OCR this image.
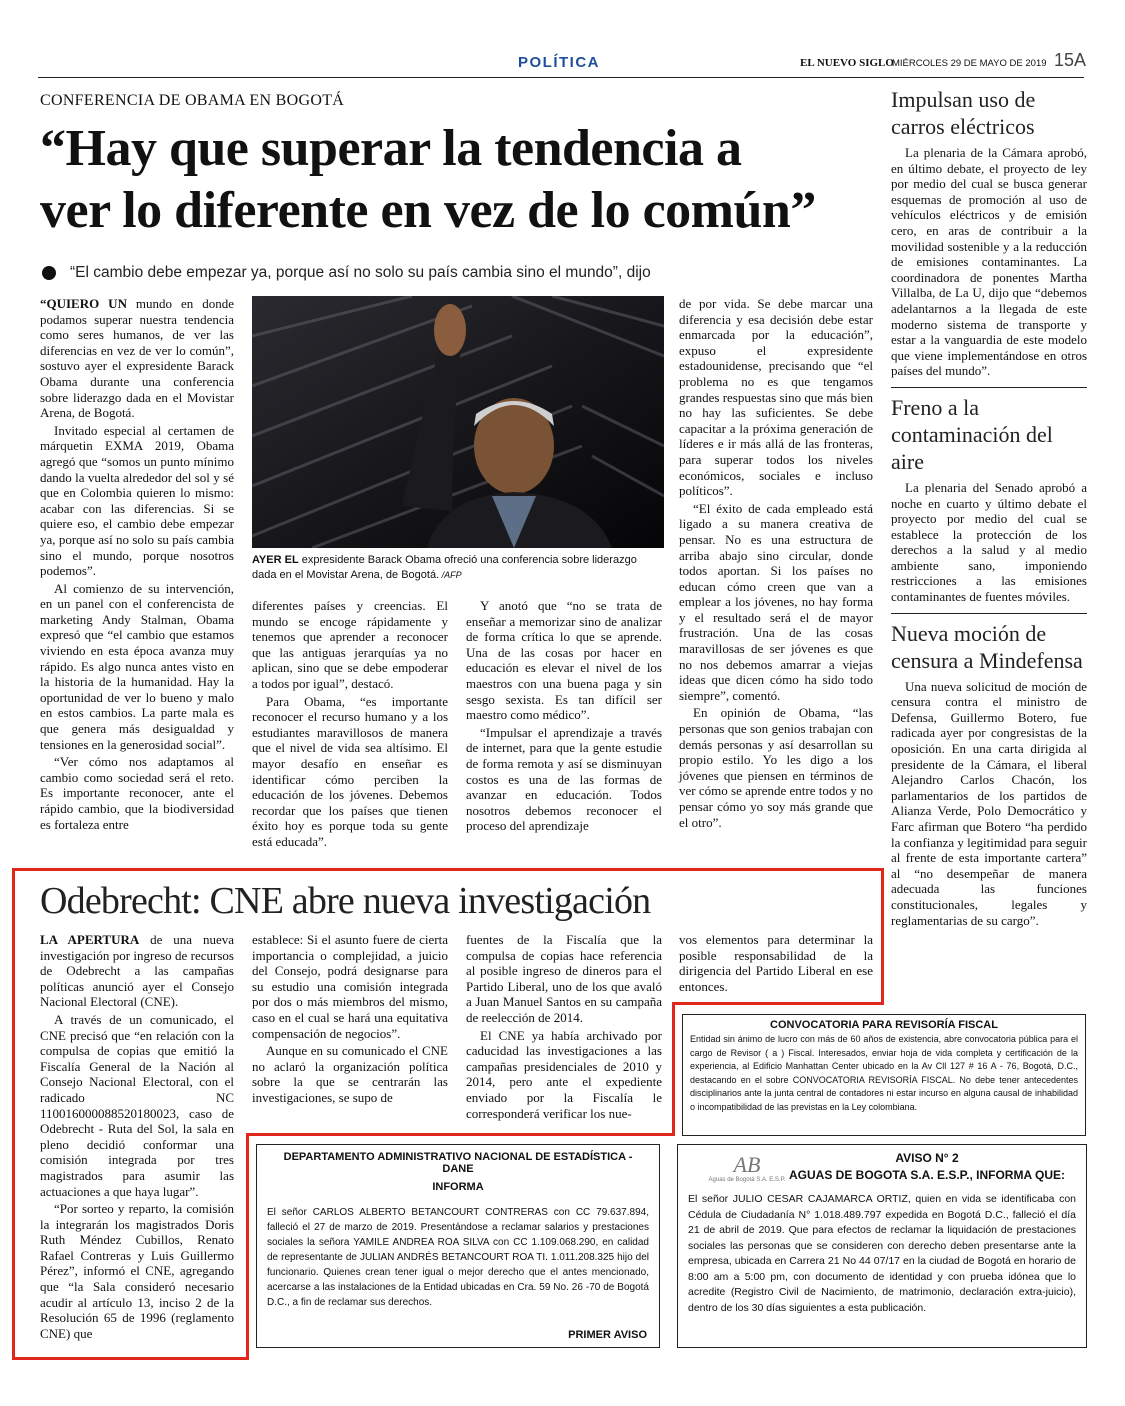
POLÍTICA	EL NUEVO SIGLO
MIÉRCOLES 29 DE MAYO DE 2019 15A
CONFERENCIA DE OBAMA EN BOGOTÁ
“Hay que superar la tendencia a
ver lo diferente en vez de lo común”
“El cambio debe empezar ya, porque así no solo su país cambia sino el mundo”, dijo

“QUIERO UN mundo en donde podamos superar nuestra tendencia como seres humanos, de ver las diferencias en vez de ver lo común”, sostuvo ayer el expresidente Barack Obama durante una conferencia sobre liderazgo dada en el Movistar Arena, de Bogotá.

Invitado especial al certamen de márquetin EXMA 2019, Obama agregó que “somos un punto mínimo dando la vuelta alrededor del sol y sé que en Colombia quieren lo mismo: acabar con las diferencias. Si se quiere eso, el cambio debe empezar ya, porque así no solo su país cambia sino el mundo, porque nosotros podemos”.

Al comienzo de su intervención, en un panel con el conferencista de marketing Andy Stalman, Obama expresó que “el cambio que estamos viviendo en esta época avanza muy rápido. Es algo nunca antes visto en la historia de la humanidad. Hay la oportunidad de ver lo bueno y malo en estos cambios. La parte mala es que genera más desigualdad y tensiones en la generosidad social”.

“Ver cómo nos adaptamos al cambio como sociedad será el reto. Es importante reconocer, ante el rápido cambio, que la biodiversidad es fortaleza entre

AYER EL expresidente Barack Obama ofreció una conferencia sobre liderazgo dada en el Movistar Arena, de Bogotá. /AFP

diferentes países y creencias. El mundo se encoge rápidamente y tenemos que aprender a reconocer que las antiguas jerarquías ya no aplican, sino que se debe empoderar a todos por igual”, destacó.

Para Obama, “es importante reconocer el recurso humano y a los estudiantes maravillosos de manera que el nivel de vida sea altísimo. El mayor desafío en enseñar es identificar cómo perciben la educación de los jóvenes. Debemos recordar que los países que tienen éxito hoy es porque toda su gente está educada”.

Y anotó que “no se trata de enseñar a memorizar sino de analizar de forma crítica lo que se aprende. Una de las cosas por hacer en educación es elevar el nivel de los maestros con una buena paga y sin sesgo sexista. Es tan difícil ser maestro como médico”.

“Impulsar el aprendizaje a través de internet, para que la gente estudie de forma remota y así se disminuyan costos es una de las formas de avanzar en educación. Todos nosotros debemos reconocer el proceso del aprendizaje

de por vida. Se debe marcar una diferencia y esa decisión debe estar enmarcada por la educación”, expuso el expresidente estadounidense, precisando que “el problema no es que tengamos grandes respuestas sino que más bien no hay las suficientes. Se debe capacitar a la próxima generación de líderes e ir más allá de las fronteras, para superar todos los niveles económicos, sociales e incluso políticos”.

“El éxito de cada empleado está ligado a su manera creativa de pensar. No es una estructura de arriba abajo sino circular, donde todos aportan. Si los países no educan cómo creen que van a emplear a los jóvenes, no hay forma y el resultado será el de mayor frustración. Una de las cosas maravillosas de ser jóvenes es que no nos debemos amarrar a viejas ideas que dicen cómo ha sido todo siempre”, comentó.

En opinión de Obama, “las personas que son genios trabajan con demás personas y así desarrollan su propio estilo. Yo les digo a los jóvenes que piensen en términos de ver cómo se aprende entre todos y no pensar cómo yo soy más grande que el otro”.

Impulsan uso de carros eléctricos
La plenaria de la Cámara aprobó, en último debate, el proyecto de ley por medio del cual se busca generar esquemas de promoción al uso de vehículos eléctricos y de emisión cero, en aras de contribuir a la movilidad sostenible y a la reducción de emisiones contaminantes. La coordinadora de ponentes Martha Villalba, de La U, dijo que “debemos adelantarnos a la llegada de este moderno sistema de transporte y estar a la vanguardia de este modelo que viene implementándose en otros países del mundo”.
Freno a la contaminación del aire
La plenaria del Senado aprobó a noche en cuarto y último debate el proyecto por medio del cual se establece la protección de los derechos a la salud y al medio ambiente sano, imponiendo restricciones a las emisiones contaminantes de fuentes móviles.
Nueva moción de censura a Mindefensa
Una nueva solicitud de moción de censura contra el ministro de Defensa, Guillermo Botero, fue radicada ayer por congresistas de la oposición. En una carta dirigida al presidente de la Cámara, el liberal Alejandro Carlos Chacón, los parlamentarios de los partidos de Alianza Verde, Polo Democrático y Farc afirman que Botero “ha perdido la confianza y legitimidad para seguir al frente de esta importante cartera” al “no desempeñar de manera adecuada las funciones constitucionales, legales y reglamentarias de su cargo”.
Odebrecht: CNE abre nueva investigación

LA APERTURA de una nueva investigación por ingreso de recursos de Odebrecht a las campañas políticas anunció ayer el Consejo Nacional Electoral (CNE).

A través de un comunicado, el CNE precisó que “en relación con la compulsa de copias que emitió la Fiscalía General de la Nación al Consejo Nacional Electoral, con el radicado NC 110016000088520180023, caso de Odebrecht - Ruta del Sol, la sala en pleno decidió conformar una comisión integrada por tres magistrados para asumir las actuaciones a que haya lugar”.

“Por sorteo y reparto, la comisión la integrarán los magistrados Doris Ruth Méndez Cubillos, Renato Rafael Contreras y Luis Guillermo Pérez”, informó el CNE, agregando que “la Sala consideró necesario acudir al artículo 13, inciso 2 de la Resolución 65 de 1996 (reglamento CNE) que

establece: Si el asunto fuere de cierta importancia o complejidad, a juicio del Consejo, podrá designarse para su estudio una comisión integrada por dos o más miembros del mismo, caso en el cual se hará una equitativa compensación de negocios”.

Aunque en su comunicado el CNE no aclaró la organización política sobre la que se centrarán las investigaciones, se supo de

fuentes de la Fiscalía que la compulsa de copias hace referencia al posible ingreso de dineros para el Partido Liberal, uno de los que avaló a Juan Manuel Santos en su campaña de reelección de 2014.

El CNE ya había archivado por caducidad las investigaciones a las campañas presidenciales de 2010 y 2014, pero ante el expediente enviado por la Fiscalía le corresponderá verificar los nue-

vos elementos para determinar la posible responsabilidad de la dirigencia del Partido Liberal en ese entonces.

CONVOCATORIA PARA REVISORÍA FISCAL
Entidad sin ánimo de lucro con más de 60 años de existencia, abre convocatoria pública para el cargo de Revisor ( a ) Fiscal. Interesados, enviar hoja de vida completa y certificación de la experiencia, al Edificio Manhattan Center ubicado en la Av Cll 127 # 16 A - 76, Bogotá, D.C., destacando en el sobre CONVOCATORIA REVISORÍA FISCAL. No debe tener antecedentes disciplinarios ante la junta central de contadores ni estar incurso en alguna causal de inhabilidad o incompatibilidad de las previstas en la Ley colombiana.
DEPARTAMENTO ADMINISTRATIVO NACIONAL DE ESTADÍSTICA - DANE
INFORMA
El señor CARLOS ALBERTO BETANCOURT CONTRERAS con CC 79.637.894, falleció el 27 de marzo de 2019. Presentándose a reclamar salarios y prestaciones sociales la señora YAMILE ANDREA ROA SILVA con CC 1.109.068.290, en calidad de representante de JULIAN ANDRÉS BETANCOURT ROA TI. 1.011.208.325 hijo del funcionario. Quienes crean tener igual o mejor derecho que el antes mencionado, acercarse a las instalaciones de la Entidad ubicadas en Cra. 59 No. 26 -70 de Bogotá D.C., a fin de reclamar sus derechos.
PRIMER AVISO
AB
Aguas de Bogotá S.A. E.S.P.
AVISO N° 2
AGUAS DE BOGOTA S.A. E.S.P., INFORMA QUE:
El señor JULIO CESAR CAJAMARCA ORTIZ, quien en vida se identificaba con Cédula de Ciudadanía N° 1.018.489.797 expedida en Bogotá D.C., falleció el día 21 de abril de 2019. Que para efectos de reclamar la liquidación de prestaciones sociales las personas que se consideren con derecho deben presentarse ante la empresa, ubicada en Carrera 21 No 44 07/17 en la ciudad de Bogotá en horario de 8:00 am a 5:00 pm, con documento de identidad y con prueba idónea que lo acredite (Registro Civil de Nacimiento, de matrimonio, declaración extra-juicio), dentro de los 30 días siguientes a esta publicación.
